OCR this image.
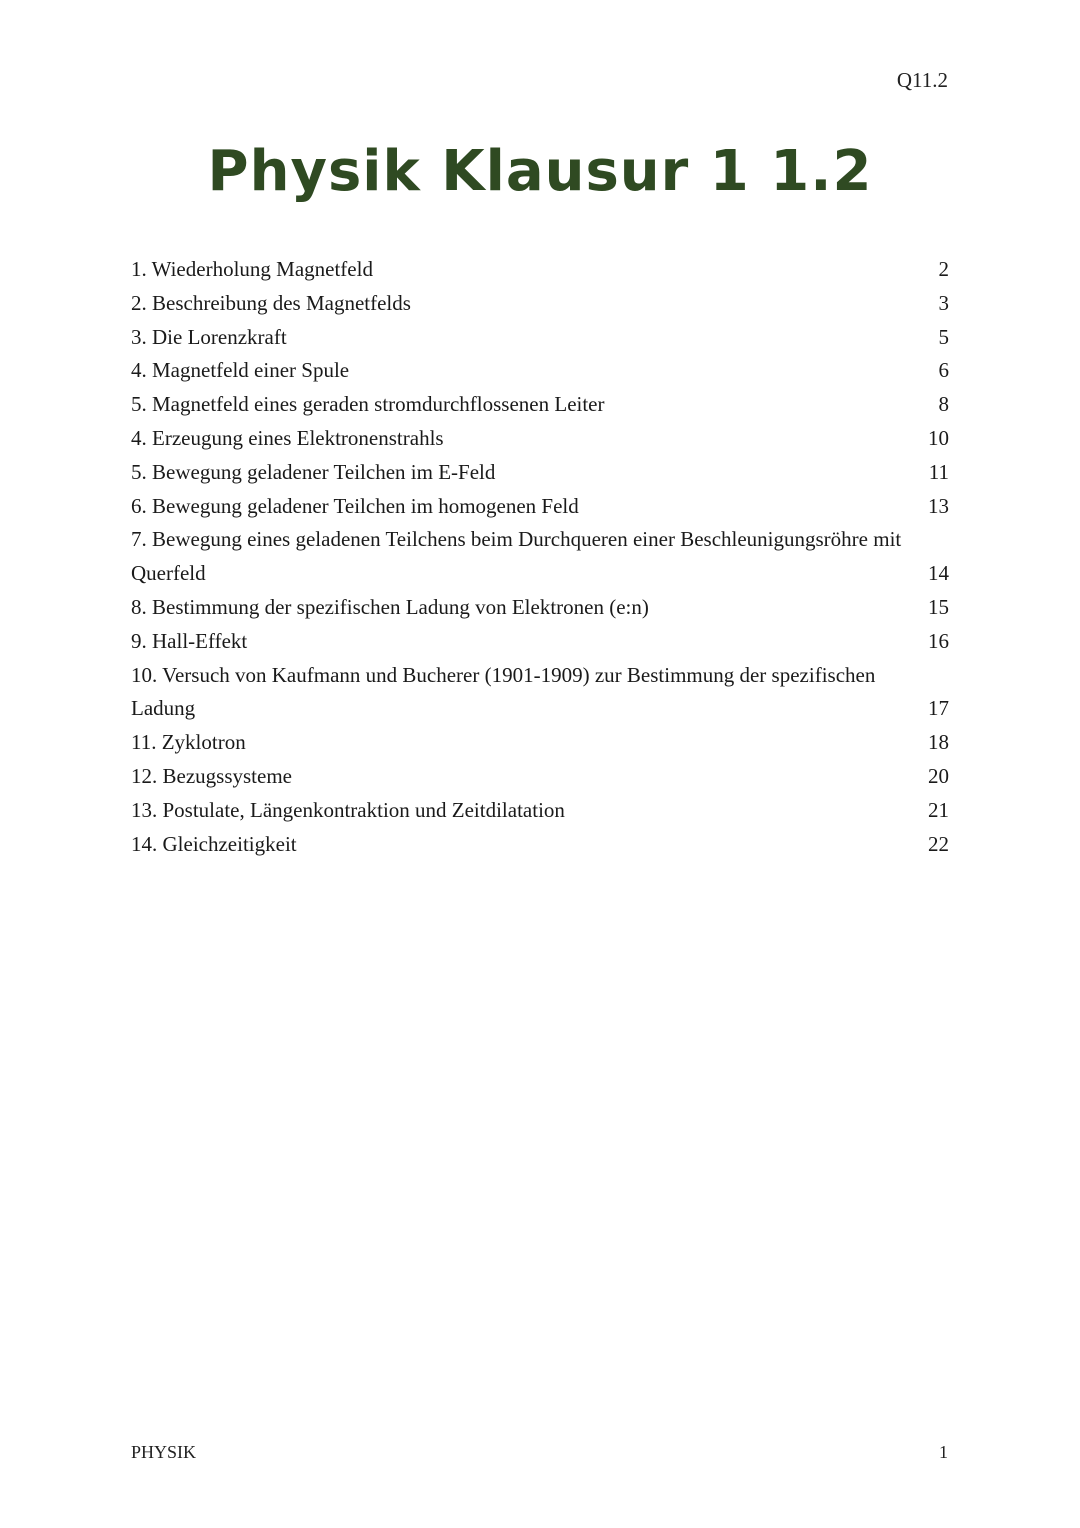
Q11.2
Physik Klausur 1 1.2
1. Wiederholung Magnetfeld	2
2. Beschreibung des Magnetfelds	3
3. Die Lorenzkraft	5
4. Magnetfeld einer Spule	6
5. Magnetfeld eines geraden stromdurchflossenen Leiter	8
4. Erzeugung eines Elektronenstrahls	10
5. Bewegung geladener Teilchen im E-Feld	11
6. Bewegung geladener Teilchen im homogenen Feld	13
7. Bewegung eines geladenen Teilchens beim Durchqueren einer Beschleunigungsröhre mit
Querfeld	14
8. Bestimmung der spezifischen Ladung von Elektronen (e:n)	15
9. Hall-Effekt	16
10. Versuch von Kaufmann und Bucherer (1901-1909) zur Bestimmung der spezifischen
Ladung	17
11. Zyklotron	18
12. Bezugssysteme	20
13. Postulate, Längenkontraktion und Zeitdilatation	21
14. Gleichzeitigkeit	22
PHYSIK	1
